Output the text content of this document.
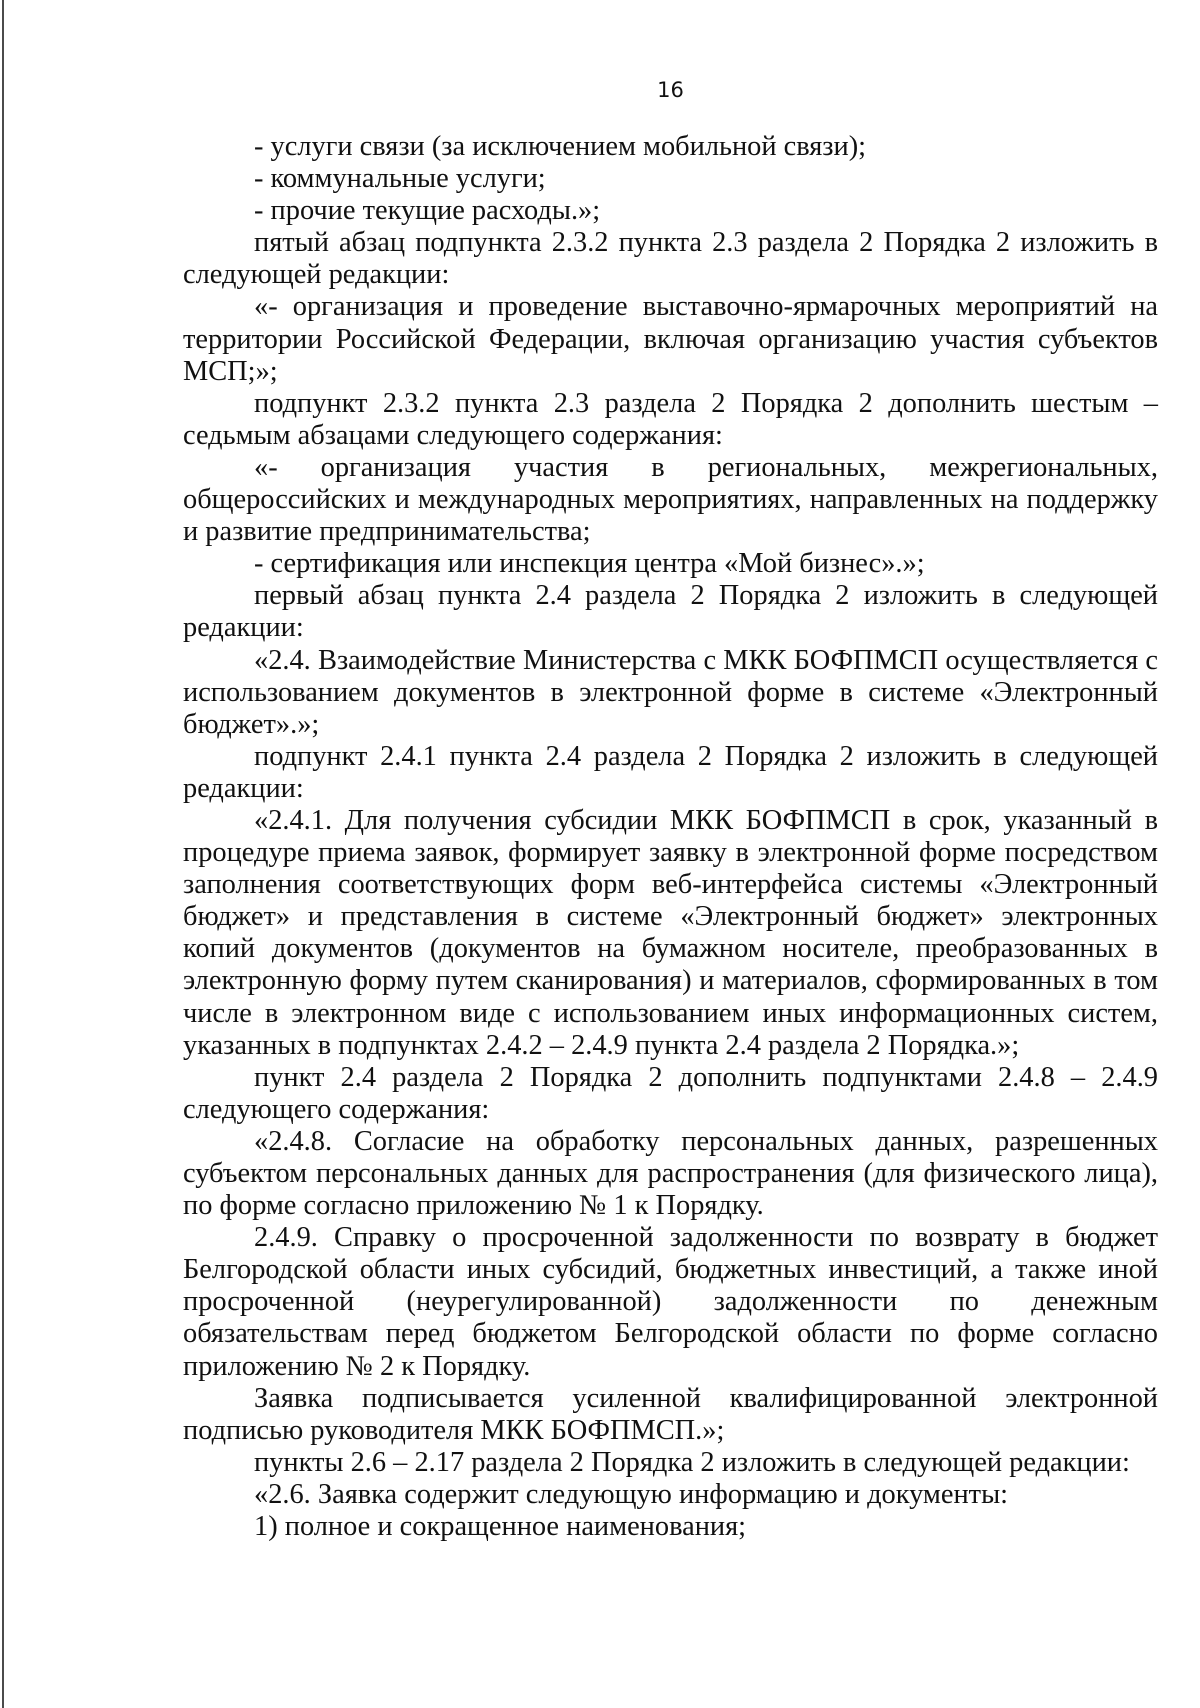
16

- услуги связи (за исключением мобильной связи);

- коммунальные услуги;

- прочие текущие расходы.»;

пятый абзац подпункта 2.3.2 пункта 2.3 раздела 2 Порядка 2 изложить в следующей редакции:

«- организация и проведение выставочно-ярмарочных мероприятий на территории Российской Федерации, включая организацию участия субъектов МСП;»;

подпункт 2.3.2 пункта 2.3 раздела 2 Порядка 2 дополнить шестым – седьмым абзацами следующего содержания:

«- организация участия в региональных, межрегиональных, общероссийских и международных мероприятиях, направленных на поддержку и развитие предпринимательства;

- сертификация или инспекция центра «Мой бизнес».»;

первый абзац пункта 2.4 раздела 2 Порядка 2 изложить в следующей редакции:

«2.4. Взаимодействие Министерства с МКК БОФПМСП осуществляется с использованием документов в электронной форме в системе «Электронный бюджет».»;

подпункт 2.4.1 пункта 2.4 раздела 2 Порядка 2 изложить в следующей редакции:

«2.4.1. Для получения субсидии МКК БОФПМСП в срок, указанный в процедуре приема заявок, формирует заявку в электронной форме посредством заполнения соответствующих форм веб-интерфейса системы «Электронный бюджет» и представления в системе «Электронный бюджет» электронных копий документов (документов на бумажном носителе, преобразованных в электронную форму путем сканирования) и материалов, сформированных в том числе в электронном виде с использованием иных информационных систем, указанных в подпунктах 2.4.2 – 2.4.9 пункта 2.4 раздела 2 Порядка.»;

пункт 2.4 раздела 2 Порядка 2 дополнить подпунктами 2.4.8 – 2.4.9 следующего содержания:

«2.4.8. Согласие на обработку персональных данных, разрешенных субъектом персональных данных для распространения (для физического лица), по форме согласно приложению № 1 к Порядку.

2.4.9. Справку о просроченной задолженности по возврату в бюджет Белгородской области иных субсидий, бюджетных инвестиций, а также иной просроченной (неурегулированной) задолженности по денежным обязательствам перед бюджетом Белгородской области по форме согласно приложению № 2 к Порядку.

Заявка подписывается усиленной квалифицированной электронной подписью руководителя МКК БОФПМСП.»;

пункты 2.6 – 2.17 раздела 2 Порядка 2 изложить в следующей редакции:

«2.6. Заявка содержит следующую информацию и документы:

1) полное и сокращенное наименования;
